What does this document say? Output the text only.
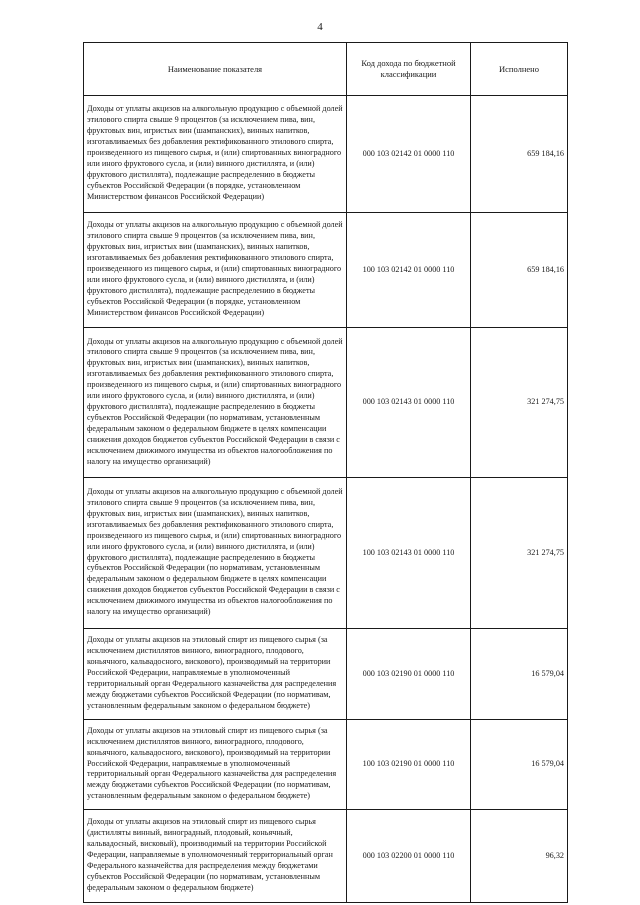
4
Наименование показателя	Код дохода по бюджетной классификации	Исполнено
Доходы от уплаты акцизов на алкогольную продукцию с объемной долей этилового спирта свыше 9 процентов (за исключением пива, вин, фруктовых вин, игристых вин (шампанских), винных напитков, изготавливаемых без добавления ректификованного этилового спирта, произведенного из пищевого сырья, и (или) спиртованных виноградного или иного фруктового сусла, и (или) винного дистиллята, и (или) фруктового дистиллята), подлежащие распределению в бюджеты субъектов Российской Федерации (в порядке, установленном Министерством финансов Российской Федерации)	000 103 02142 01 0000 110	659 184,16
Доходы от уплаты акцизов на алкогольную продукцию с объемной долей этилового спирта свыше 9 процентов (за исключением пива, вин, фруктовых вин, игристых вин (шампанских), винных напитков, изготавливаемых без добавления ректификованного этилового спирта, произведенного из пищевого сырья, и (или) спиртованных виноградного или иного фруктового сусла, и (или) винного дистиллята, и (или) фруктового дистиллята), подлежащие распределению в бюджеты субъектов Российской Федерации (в порядке, установленном Министерством финансов Российской Федерации)	100 103 02142 01 0000 110	659 184,16
Доходы от уплаты акцизов на алкогольную продукцию с объемной долей этилового спирта свыше 9 процентов (за исключением пива, вин, фруктовых вин, игристых вин (шампанских), винных напитков, изготавливаемых без добавления ректификованного этилового спирта, произведенного из пищевого сырья, и (или) спиртованных виноградного или иного фруктового сусла, и (или) винного дистиллята, и (или) фруктового дистиллята), подлежащие распределению в бюджеты субъектов Российской Федерации (по нормативам, установленным федеральным законом о федеральном бюджете в целях компенсации снижения доходов бюджетов субъектов Российской Федерации в связи с исключением движимого имущества из объектов налогообложения по налогу на имущество организаций)	000 103 02143 01 0000 110	321 274,75
Доходы от уплаты акцизов на алкогольную продукцию с объемной долей этилового спирта свыше 9 процентов (за исключением пива, вин, фруктовых вин, игристых вин (шампанских), винных напитков, изготавливаемых без добавления ректификованного этилового спирта, произведенного из пищевого сырья, и (или) спиртованных виноградного или иного фруктового сусла, и (или) винного дистиллята, и (или) фруктового дистиллята), подлежащие распределению в бюджеты субъектов Российской Федерации (по нормативам, установленным федеральным законом о федеральном бюджете в целях компенсации снижения доходов бюджетов субъектов Российской Федерации в связи с исключением движимого имущества из объектов налогообложения по налогу на имущество организаций)	100 103 02143 01 0000 110	321 274,75
Доходы от уплаты акцизов на этиловый спирт из пищевого сырья (за исключением дистиллятов винного, виноградного, плодового, коньячного, кальвадосного, вискового), производимый на территории Российской Федерации, направляемые в уполномоченный территориальный орган Федерального казначейства для распределения между бюджетами субъектов Российской Федерации (по нормативам, установленным федеральным законом о федеральном бюджете)	000 103 02190 01 0000 110	16 579,04
Доходы от уплаты акцизов на этиловый спирт из пищевого сырья (за исключением дистиллятов винного, виноградного, плодового, коньячного, кальвадосного, вискового), производимый на территории Российской Федерации, направляемые в уполномоченный территориальный орган Федерального казначейства для распределения между бюджетами субъектов Российской Федерации (по нормативам, установленным федеральным законом о федеральном бюджете)	100 103 02190 01 0000 110	16 579,04
Доходы от уплаты акцизов на этиловый спирт из пищевого сырья (дистилляты винный, виноградный, плодовый, коньячный, кальвадосный, висковый), производимый на территории Российской Федерации, направляемые в уполномоченный территориальный орган Федерального казначейства для распределения между бюджетами субъектов Российской Федерации (по нормативам, установленным федеральным законом о федеральном бюджете)	000 103 02200 01 0000 110	96,32
